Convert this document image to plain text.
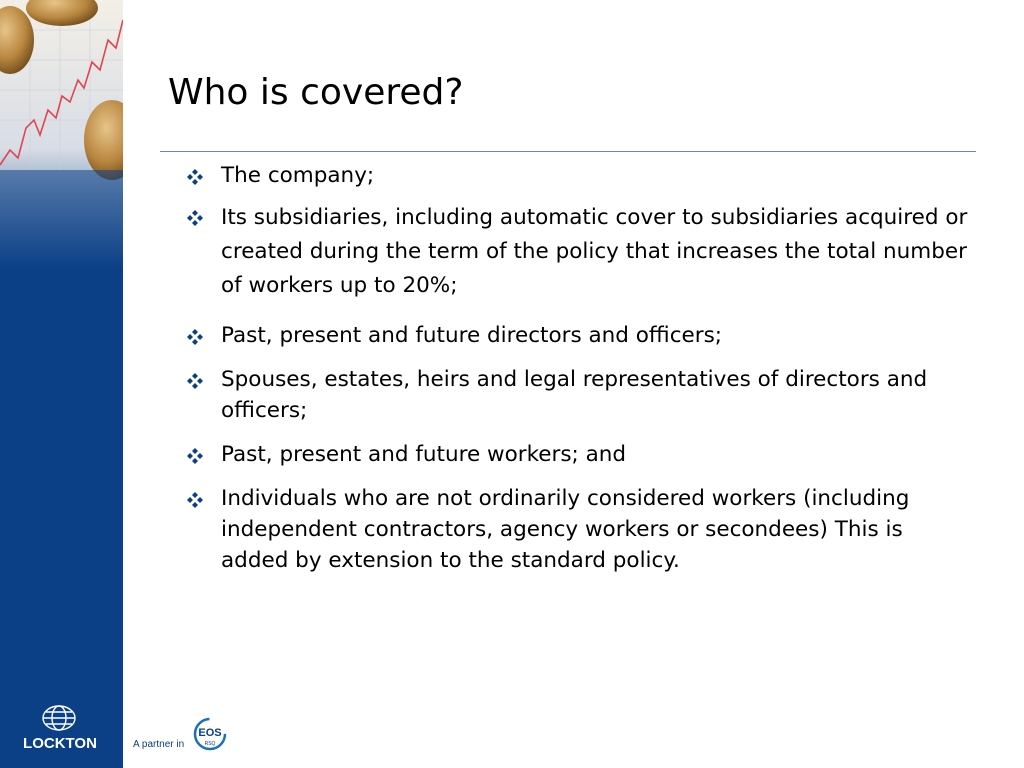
LOCKTON
Who is covered?
The company;
Its subsidiaries, including automatic cover to subsidiaries acquired or created during the term of the policy that increases the total number of workers up to 20%;
Past, present and future directors and officers;
Spouses, estates, heirs and legal representatives of directors and officers;
Past, present and future workers; and
Individuals who are not ordinarily considered workers (including independent contractors, agency workers or secondees) This is added by extension to the standard policy.
A partner in
EOS
RSQ
